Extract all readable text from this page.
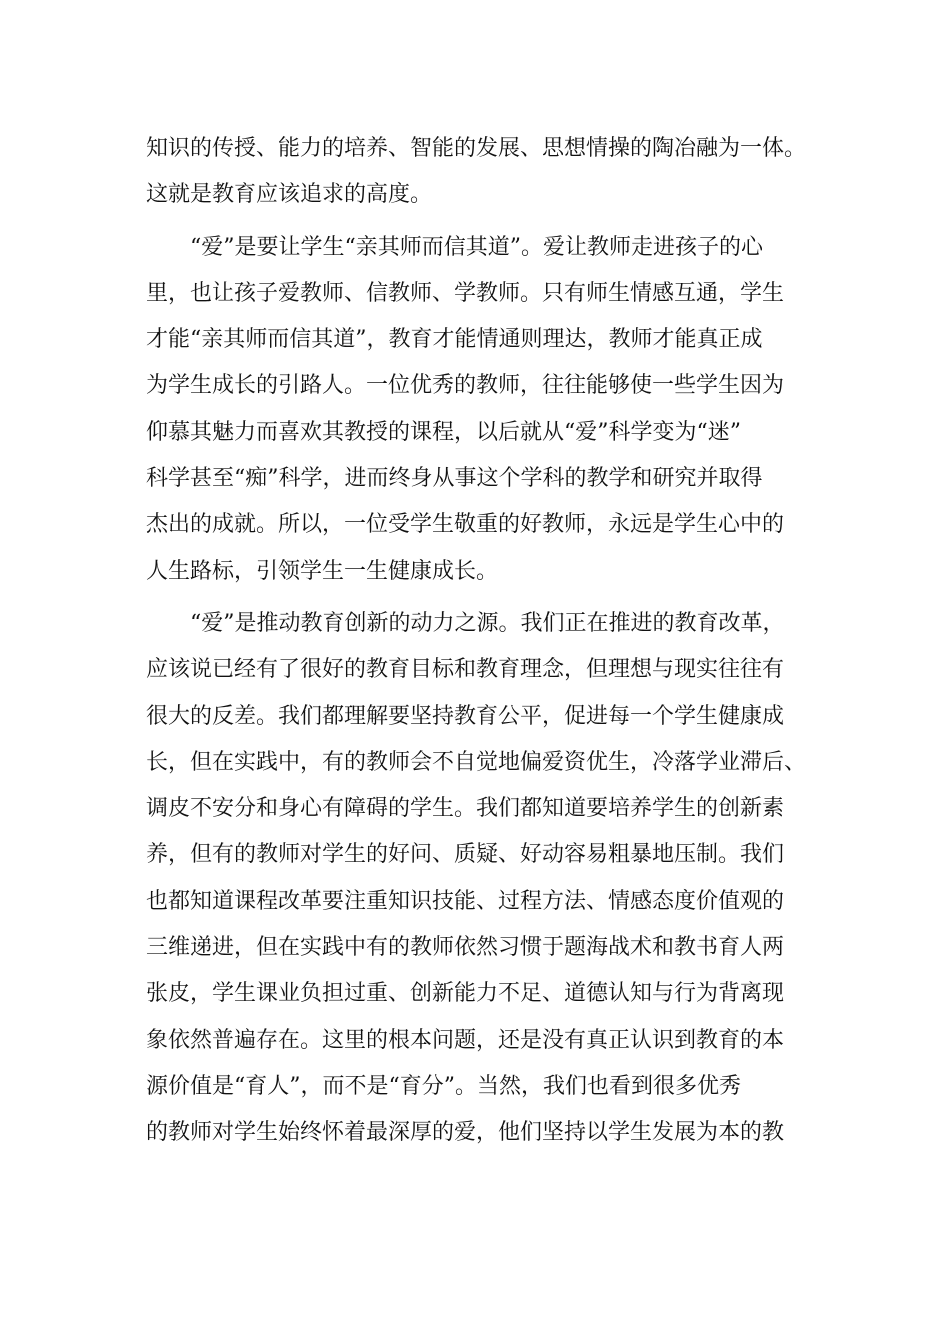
知识的传授、能力的培养、智能的发展、思想情操的陶冶融为一体。
这就是教育应该追求的高度。
　　“爱”是要让学生“亲其师而信其道”。爱让教师走进孩子的心
里，也让孩子爱教师、信教师、学教师。只有师生情感互通，学生
才能“亲其师而信其道”，教育才能情通则理达，教师才能真正成
为学生成长的引路人。一位优秀的教师，往往能够使一些学生因为
仰慕其魅力而喜欢其教授的课程，以后就从“爱”科学变为“迷”
科学甚至“痴”科学，进而终身从事这个学科的教学和研究并取得
杰出的成就。所以，一位受学生敬重的好教师，永远是学生心中的
人生路标，引领学生一生健康成长。
　　“爱”是推动教育创新的动力之源。我们正在推进的教育改革，
应该说已经有了很好的教育目标和教育理念，但理想与现实往往有
很大的反差。我们都理解要坚持教育公平，促进每一个学生健康成
长，但在实践中，有的教师会不自觉地偏爱资优生，冷落学业滞后、
调皮不安分和身心有障碍的学生。我们都知道要培养学生的创新素
养，但有的教师对学生的好问、质疑、好动容易粗暴地压制。我们
也都知道课程改革要注重知识技能、过程方法、情感态度价值观的
三维递进，但在实践中有的教师依然习惯于题海战术和教书育人两
张皮，学生课业负担过重、创新能力不足、道德认知与行为背离现
象依然普遍存在。这里的根本问题，还是没有真正认识到教育的本
源价值是“育人”，而不是“育分”。当然，我们也看到很多优秀
的教师对学生始终怀着最深厚的爱，他们坚持以学生发展为本的教
